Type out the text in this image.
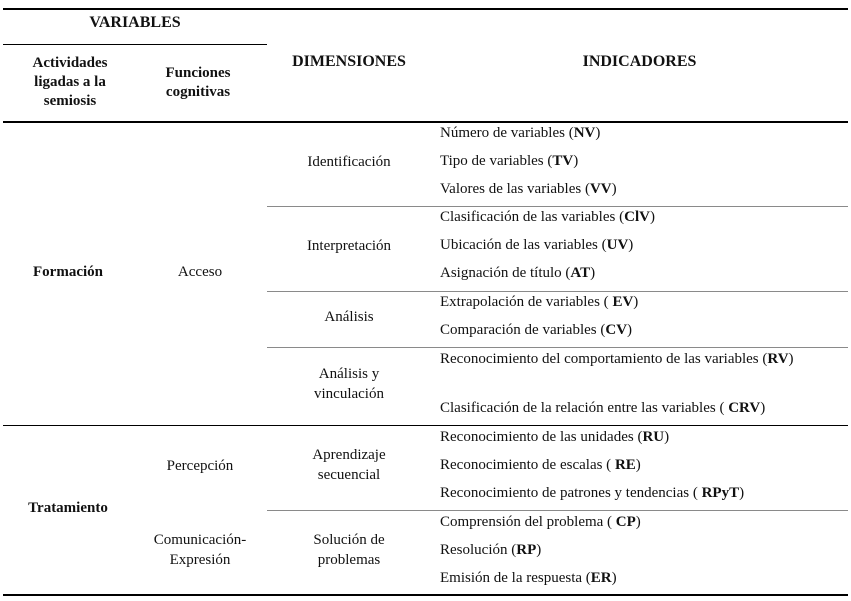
VARIABLES
Actividades ligadas a la semiosis
Funciones cognitivas
DIMENSIONES	INDICADORES
Formación	Acceso
Identificación
Interpretación
Análisis
Análisis y vinculación
Número de variables (NV)
Tipo de variables (TV)
Valores de las variables (VV)
Clasificación de las variables (ClV)
Ubicación de las variables (UV)
Asignación de título (AT)
Extrapolación de variables ( EV)
Comparación de variables (CV)
Reconocimiento del comportamiento de las variables (RV)
Clasificación de la relación entre las variables ( CRV)
Tratamiento
Percepción
Comunicación-Expresión
Aprendizaje secuencial
Solución de problemas
Reconocimiento de las unidades (RU)
Reconocimiento de escalas ( RE)
Reconocimiento de patrones y tendencias ( RPyT)
Comprensión del problema ( CP)
Resolución (RP)
Emisión de la respuesta (ER)
